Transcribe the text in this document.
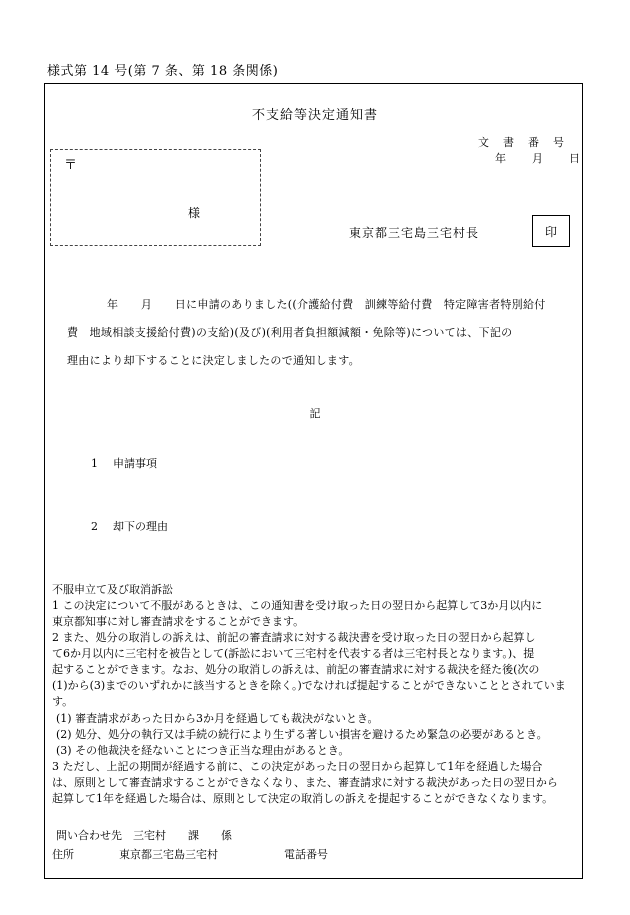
様式第 14 号(第 7 条、第 18 条関係)
不支給等決定通知書
文書番号
年 月 日
〒
様
東京都三宅島三宅村長	印
年　　月　　日に申請のありました((介護給付費　訓練等給付費　特定障害者特別給付
費　地域相談支援給付費)の支給)(及び)(利用者負担額減額・免除等)については、下記の
理由により却下することに決定しましたので通知します。
記
1 申請事項
2 却下の理由
不服申立て及び取消訴訟
1 この決定について不服があるときは、この通知書を受け取った日の翌日から起算して3か月以内に
東京都知事に対し審査請求をすることができます。
2 また、処分の取消しの訴えは、前記の審査請求に対する裁決書を受け取った日の翌日から起算し
て6か月以内に三宅村を被告として(訴訟において三宅村を代表する者は三宅村長となります。)、提
起することができます。なお、処分の取消しの訴えは、前記の審査請求に対する裁決を経た後(次の
(1)から(3)までのいずれかに該当するときを除く。)でなければ提起することができないこととされていま
す。
(1) 審査請求があった日から3か月を経過しても裁決がないとき。
(2) 処分、処分の執行又は手続の続行により生ずる著しい損害を避けるため緊急の必要があるとき。
(3) その他裁決を経ないことにつき正当な理由があるとき。
3 ただし、上記の期間が経過する前に、この決定があった日の翌日から起算して1年を経過した場合
は、原則として審査請求することができなくなり、また、審査請求に対する裁決があった日の翌日から
起算して1年を経過した場合は、原則として決定の取消しの訴えを提起することができなくなります。
問い合わせ先　三宅村　　課　　係
住所	東京都三宅島三宅村	電話番号
